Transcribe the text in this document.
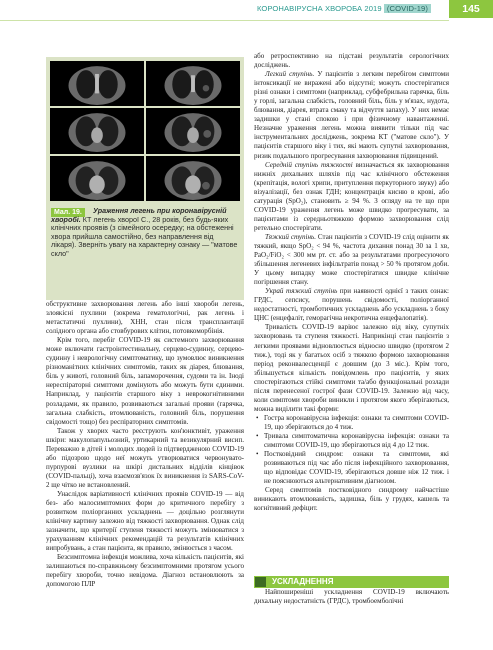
КОРОНАВІРУСНА ХВОРОБА 2019 (COVID-19)	145
Мал. 19.	Ураження легень при коронавірусній хворобі. КТ легень хворої С., 28 років, без будь-яких клінічних проявів (з сімейного осередку; на обстеженні хвора прийшла самостійно, без направлення від лікаря). Зверніть увагу на характерну ознаку — "матове скло"

обструктивне захворювання легень або інші хвороби легень, злоякісні пухлини (зокрема гематологічні, рак легень і метастатичні пухлини), ХНН, стан після трансплантації солідного органа або стовбурових клітин, потовкоморбінія.

Крім того, перебіг COVID-19 як системного захворювання може включати гастроінтестинальну, серцево-судинну, серцево-судинну і неврологічну симптоматику, що зумовлює виникнення різноманітних клінічних симптомів, таких як діарея, блювання, біль у животі, головний біль, запаморочення, судоми та ін. Іноді нереспіраторні симптоми домінують або можуть бути єдиними. Наприклад, у пацієнтів старшого віку з неврокогнітивними розладами, як правило, розвиваються загальні прояви (гарячка, загальна слабкість, втомлюваність, головний біль, порушення свідомості тощо) без респіраторних симптомів.

Також у хворих часто реєструють кон'юнктивіт, ураження шкіри: макулопапульозний, уртикарний та везикулярний висип. Переважно в дітей і молодих людей із підтвердженою COVID-19 або підозрою щодо неї можуть утворюватися червонувато-пурпурові вузлики на шкірі дистальних відділів кінцівок (COVID-пальці), хоча взаємозв'язок їх виникнення із SARS-CoV-2 ще чітко не встановлений.

Унаслідок варіативності клінічних проявів COVID-19 — від без- або малосимптомних форм до критичного перебігу з розвитком поліорганних ускладнень — доцільно розглянути клінічну картину залежно від тяжкості захворювання. Однак слід зазначити, що критерії ступеня тяжкості можуть змінюватися з урахуванням клінічних рекомендацій та результатів клінічних випробувань, а стан пацієнта, як правило, змінюється з часом.

Безсимптомна інфекція можлива, хоча кількість пацієнтів, які залишаються по-справжньому безсимптомними протягом усього перебігу хвороби, точно невідома. Діагноз встановлюють за допомогою ПЛР

або ретроспективно на підставі результатів серологічних досліджень.

Легкий ступінь. У пацієнтів з легким перебігом симптоми інтоксикації не виражені або відсутні; можуть спостерігатися різні ознаки і симптоми (наприклад, субфебрильна гарячка, біль у горлі, загальна слабкість, головний біль, біль у м'язах, нудота, блювання, діарея, втрата смаку та відчуття запаху). У них немає задишки у стані спокою і при фізичному навантаженні. Незначне ураження легень можна виявити тільки під час інструментальних досліджень, зокрема КТ ("матове скло"). У пацієнтів старшого віку і тих, які мають супутні захворювання, ризик подальшого прогресування захворювання підвищений.

Середній ступінь тяжкості визначається як захворювання нижніх дихальних шляхів під час клінічного обстеження (крепітація, вологі хрипи, притуплення перкуторного звуку) або візуалізації, без ознак ГДН; концентрація кисню в крові, або сатурація (SpO₂), становить ≥ 94 %. З огляду на те що при COVID-19 ураження легень може швидко прогресувати, за пацієнтами із середньотяжкою формою захворювання слід ретельно спостерігати.

Тяжкий ступінь. Стан пацієнтів з COVID-19 слід оцінити як тяжкий, якщо SpO₂ < 94 %, частота дихання понад 30 за 1 хв, PaO₂/FiO₂ < 300 мм рт. ст. або за результатами прогресуючого збільшення легеневих інфільтратів понад > 50 % протягом доби. У цьому випадку може спостерігатися швидке клінічне погіршення стану.

Украй тяжкий ступінь при наявності однієї з таких ознак: ГРДС, сепсису, порушень свідомості, поліорганної недостатності, тромботичних ускладнень або ускладнень з боку ЦНС (енцефаліт, геморагічна некротична енцефалопатія).

Тривалість COVID-19 варіює залежно від віку, супутніх захворювань та ступеня тяжкості. Наприкінці стан пацієнтів з легкими проявами відновлюється відносно швидко (протягом 2 тиж.), тоді як у багатьох осіб з тяжкою формою захворювання період реконвалесценції є довшим (до 3 міс.). Крім того, збільшується кількість повідомлень про пацієнтів, у яких спостерігаються стійкі симптоми та/або функціональні розлади після перенесеної гострої фази COVID-19. Залежно від часу, коли симптоми хвороби виникли і протягом якого зберігаються, можна виділити такі форми:

• Гостра коронавірусна інфекція: ознаки та симптоми COVID-19, що зберігаються до 4 тиж.
• Тривала симптоматична коронавірусна інфекція: ознаки та симптоми COVID-19, що зберігаються від 4 до 12 тиж.
• Постковідний синдром: ознаки та симптоми, які розвиваються під час або після інфекційного захворювання, що відповідає COVID-19, зберігаються довше ніж 12 тиж. і не пояснюються альтернативним діагнозом.

Серед симптомів постковідного синдрому найчастіше виникають втомлюваність, задишка, біль у грудях, кашель та когнітивний дефіцит.

УСКЛАДНЕННЯ

Найпоширеніші ускладнення COVID-19 включають дихальну недостатність (ГРДС), тромбоемболічні
